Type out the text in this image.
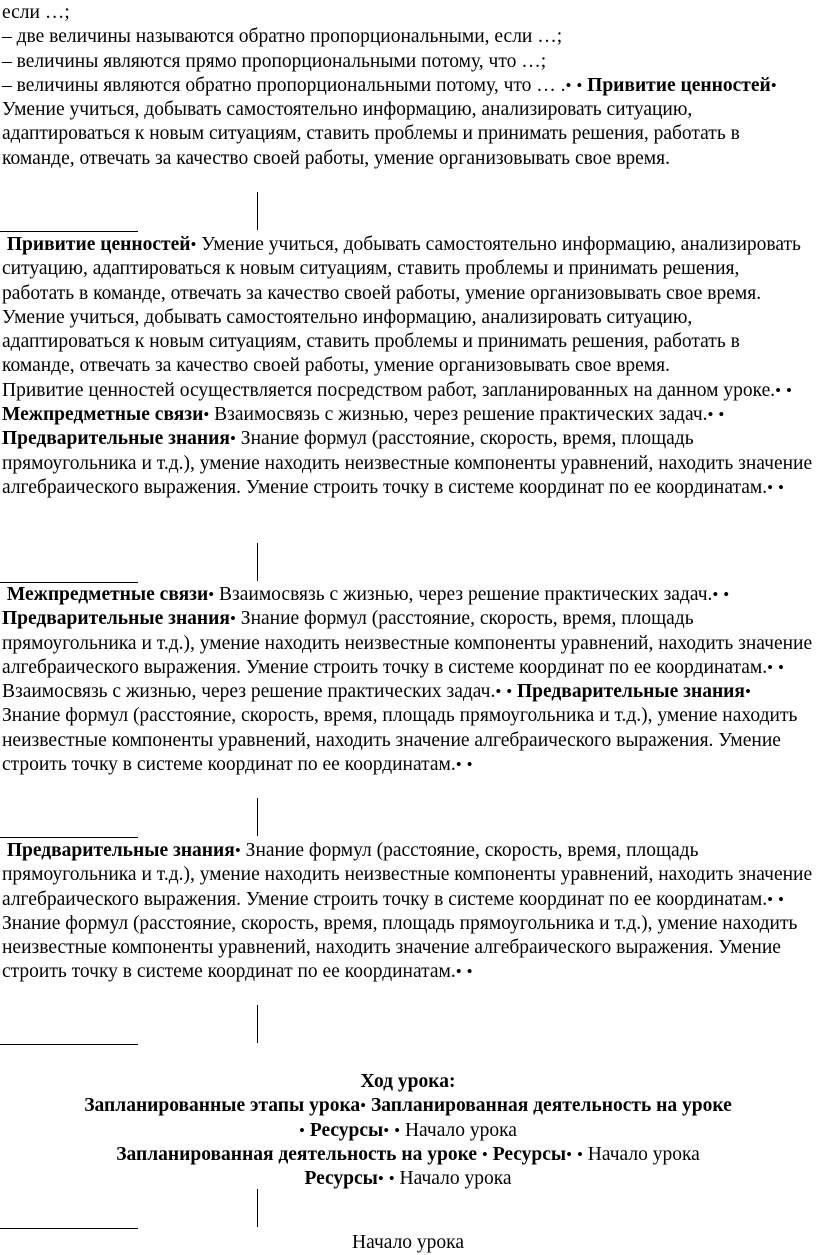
если …;

– две величины называются обратно пропорциональными, если …;

– величины являются прямо пропорциональными потому, что …;

– величины являются обратно пропорциональными потому, что … .• • Привитие ценностей• Умение учиться, добывать самостоятельно информацию, анализировать ситуацию, адаптироваться к новым ситуациям, ставить проблемы и принимать решения, работать в команде, отвечать за качество своей работы, умение организовывать свое время.

Привитие ценностей• Умение учиться, добывать самостоятельно информацию, анализировать ситуацию, адаптироваться к новым ситуациям, ставить проблемы и принимать решения, работать в команде, отвечать за качество своей работы, умение организовывать свое время.

Умение учиться, добывать самостоятельно информацию, анализировать ситуацию, адаптироваться к новым ситуациям, ставить проблемы и принимать решения, работать в команде, отвечать за качество своей работы, умение организовывать свое время.

Привитие ценностей осуществляется посредством работ, запланированных на данном уроке.• • Межпредметные связи• Взаимосвязь с жизнью, через решение практических задач.• • Предварительные знания• Знание формул (расстояние, скорость, время, площадь прямоугольника и т.д.), умение находить неизвестные компоненты уравнений, находить значение алгебраического выражения. Умение строить точку в системе координат по ее координатам.• •

Межпредметные связи• Взаимосвязь с жизнью, через решение практических задач.• • Предварительные знания• Знание формул (расстояние, скорость, время, площадь прямоугольника и т.д.), умение находить неизвестные компоненты уравнений, находить значение алгебраического выражения. Умение строить точку в системе координат по ее координатам.• •

Взаимосвязь с жизнью, через решение практических задач.• • Предварительные знания• Знание формул (расстояние, скорость, время, площадь прямоугольника и т.д.), умение находить неизвестные компоненты уравнений, находить значение алгебраического выражения. Умение строить точку в системе координат по ее координатам.• •

Предварительные знания• Знание формул (расстояние, скорость, время, площадь прямоугольника и т.д.), умение находить неизвестные компоненты уравнений, находить значение алгебраического выражения. Умение строить точку в системе координат по ее координатам.• •

Знание формул (расстояние, скорость, время, площадь прямоугольника и т.д.), умение находить неизвестные компоненты уравнений, находить значение алгебраического выражения. Умение строить точку в системе координат по ее координатам.• •

Ход урока:

Запланированные этапы урока• Запланированная деятельность на уроке

• Ресурсы• • Начало урока

Запланированная деятельность на уроке • Ресурсы• • Начало урока

Ресурсы• • Начало урока

Начало урока
